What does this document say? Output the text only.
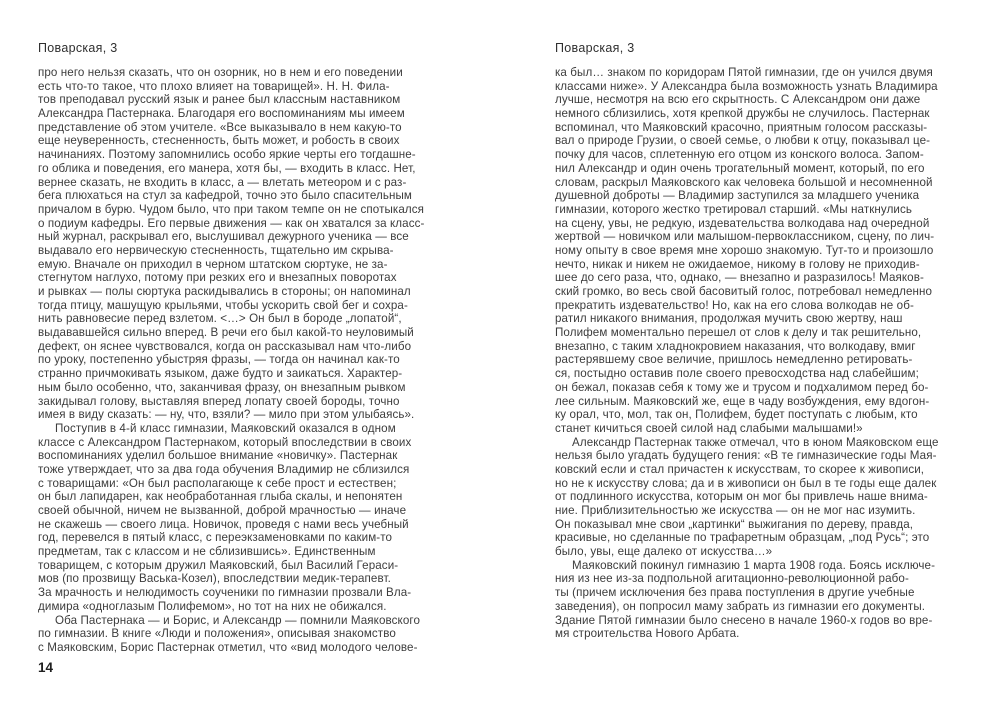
Поварская, 3

про него нельзя сказать, что он озорник, но в нем и его поведении
есть что-то такое, что плохо влияет на товарищей». Н. Н. Фила-
тов преподавал русский язык и ранее был классным наставником
Александра Пастернака. Благодаря его воспоминаниям мы имеем
представление об этом учителе. «Все выказывало в нем какую-то
еще неуверенность, стесненность, быть может, и робость в своих
начинаниях. Поэтому запомнились особо яркие черты его тогдашне-
го облика и поведения, его манера, хотя бы, — входить в класс. Нет,
вернее сказать, не входить в класс, а — влетать метеором и с раз-
бега плюхаться на стул за кафедрой, точно это было спасительным
причалом в бурю. Чудом было, что при таком темпе он не спотыкался
о подиум кафедры. Его первые движения — как он хватался за класс-
ный журнал, раскрывал его, выслушивал дежурного ученика — все
выдавало его нервическую стесненность, тщательно им скрыва-
емую. Вначале он приходил в черном штатском сюртуке, не за-
стегнутом наглухо, потому при резких его и внезапных поворотах
и рывках — полы сюртука раскидывались в стороны; он напоминал
тогда птицу, машущую крыльями, чтобы ускорить свой бег и сохра-
нить равновесие перед взлетом. <…> Он был в бороде „лопатой“,
выдававшейся сильно вперед. В речи его был какой-то неуловимый
дефект, он яснее чувствовался, когда он рассказывал нам что-либо
по уроку, постепенно убыстряя фразы, — тогда он начинал как-то
странно причмокивать языком, даже будто и заикаться. Характер-
ным было особенно, что, заканчивая фразу, он внезапным рывком
закидывал голову, выставляя вперед лопату своей бороды, точно
имея в виду сказать: — ну, что, взяли? — мило при этом улыбаясь».

Поступив в 4-й класс гимназии, Маяковский оказался в одном
классе с Александром Пастернаком, который впоследствии в своих
воспоминаниях уделил большое внимание «новичку». Пастернак
тоже утверждает, что за два года обучения Владимир не сблизился
с товарищами: «Он был располагающе к себе прост и естествен;
он был лапидарен, как необработанная глыба скалы, и непонятен
своей обычной, ничем не вызванной, доброй мрачностью — иначе
не скажешь — своего лица. Новичок, проведя с нами весь учебный
год, перевелся в пятый класс, с переэкзаменовками по каким-то
предметам, так с классом и не сблизившись». Единственным
товарищем, с которым дружил Маяковский, был Василий Гераси-
мов (по прозвищу Васька-Козел), впоследствии медик-терапевт.
За мрачность и нелюдимость соученики по гимназии прозвали Вла-
димира «одноглазым Полифемом», но тот на них не обижался.

Оба Пастернака — и Борис, и Александр — помнили Маяковского
по гимназии. В книге «Люди и положения», описывая знакомство
с Маяковским, Борис Пастернак отметил, что «вид молодого челове-

14
Поварская, 3

ка был… знаком по коридорам Пятой гимназии, где он учился двумя
классами ниже». У Александра была возможность узнать Владимира
лучше, несмотря на всю его скрытность. С Александром они даже
немного сблизились, хотя крепкой дружбы не случилось. Пастернак
вспоминал, что Маяковский красочно, приятным голосом рассказы-
вал о природе Грузии, о своей семье, о любви к отцу, показывал це-
почку для часов, сплетенную его отцом из конского волоса. Запом-
нил Александр и один очень трогательный момент, который, по его
словам, раскрыл Маяковского как человека большой и несомненной
душевной доброты — Владимир заступился за младшего ученика
гимназии, которого жестко третировал старший. «Мы наткнулись
на сцену, увы, не редкую, издевательства волкодава над очередной
жертвой — новичком или малышом-первоклассником, сцену, по лич-
ному опыту в свое время мне хорошо знакомую. Тут-то и произошло
нечто, никак и никем не ожидаемое, никому в голову не приходив-
шее до сего раза, что, однако, — внезапно и разразилось! Маяков-
ский громко, во весь свой басовитый голос, потребовал немедленно
прекратить издевательство! Но, как на его слова волкодав не об-
ратил никакого внимания, продолжая мучить свою жертву, наш
Полифем моментально перешел от слов к делу и так решительно,
внезапно, с таким хладнокровием наказания, что волкодаву, вмиг
растерявшему свое величие, пришлось немедленно ретировать-
ся, постыдно оставив поле своего превосходства над слабейшим;
он бежал, показав себя к тому же и трусом и подхалимом перед бо-
лее сильным. Маяковский же, еще в чаду возбуждения, ему вдогон-
ку орал, что, мол, так он, Полифем, будет поступать с любым, кто
станет кичиться своей силой над слабыми малышами!»

Александр Пастернак также отмечал, что в юном Маяковском еще
нельзя было угадать будущего гения: «В те гимназические годы Мая-
ковский если и стал причастен к искусствам, то скорее к живописи,
но не к искусству слова; да и в живописи он был в те годы еще далек
от подлинного искусства, которым он мог бы привлечь наше внима-
ние. Приблизительностью же искусства — он не мог нас изумить.
Он показывал мне свои „картинки“ выжигания по дереву, правда,
красивые, но сделанные по трафаретным образцам, „под Русь“; это
было, увы, еще далеко от искусства…»

Маяковский покинул гимназию 1 марта 1908 года. Боясь исключе-
ния из нее из-за подпольной агитационно-революционной рабо-
ты (причем исключения без права поступления в другие учебные
заведения), он попросил маму забрать из гимназии его документы.
Здание Пятой гимназии было снесено в начале 1960-х годов во вре-
мя строительства Нового Арбата.
